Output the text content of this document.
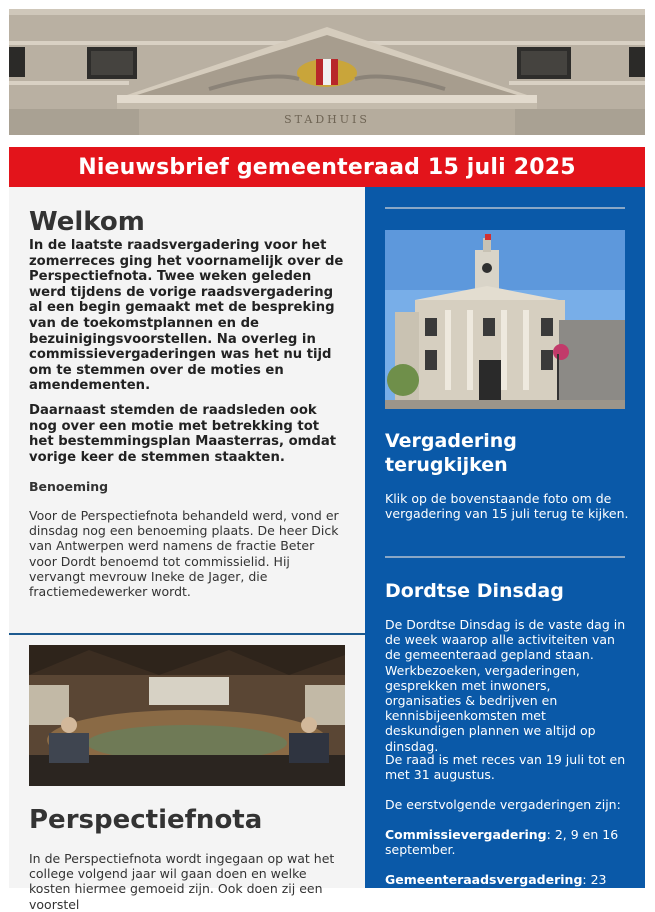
STADHUIS
Nieuwsbrief gemeenteraad 15 juli 2025
Welkom

In de laatste raadsvergadering voor het zomerreces ging het voornamelijk over de Perspectiefnota. Twee weken geleden werd tijdens de vorige raadsvergadering al een begin gemaakt met de bespreking van de toekomstplannen en de bezuinigingsvoorstellen. Na overleg in commissievergaderingen was het nu tijd om te stemmen over de moties en amendementen.

Daarnaast stemden de raadsleden ook nog over een motie met betrekking tot het bestemmingsplan Maasterras, omdat vorige keer de stemmen staakten.

Benoeming

Voor de Perspectiefnota behandeld werd, vond er dinsdag nog een benoeming plaats. De heer Dick van Antwerpen werd namens de fractie Beter voor Dordt benoemd tot commissielid. Hij vervangt mevrouw Ineke de Jager, die fractiemedewerker wordt.

Perspectiefnota

In de Perspectiefnota wordt ingegaan op wat het college volgend jaar wil gaan doen en welke kosten hiermee gemoeid zijn. Ook doen zij een voorstel

Vergadering terugkijken

Klik op de bovenstaande foto om de vergadering van 15 juli terug te kijken.

Dordtse Dinsdag

De Dordtse Dinsdag is de vaste dag in de week waarop alle activiteiten van de gemeenteraad gepland staan. Werkbezoeken, vergaderingen, gesprekken met inwoners, organisaties & bedrijven en kennisbijeenkomsten met deskundigen plannen we altijd op dinsdag.

De raad is met reces van 19 juli tot en met 31 augustus.

De eerstvolgende vergaderingen zijn:

Commissievergadering: 2, 9 en 16 september.

Gemeenteraadsvergadering: 23
